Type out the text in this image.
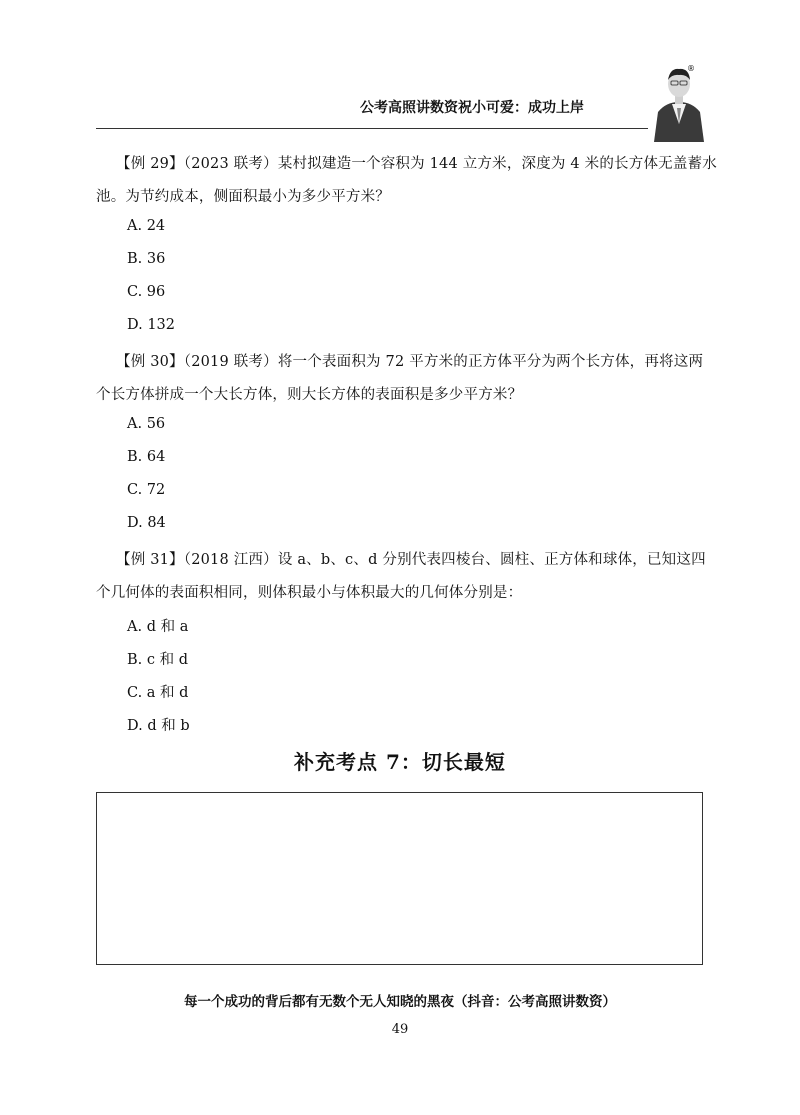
公考高照讲数资祝小可爱：成功上岸
®
【例 29】（2023 联考）某村拟建造一个容积为 144 立方米，深度为 4 米的长方体无盖蓄水
池。为节约成本，侧面积最小为多少平方米？
A. 24
B. 36
C. 96
D. 132
【例 30】（2019 联考）将一个表面积为 72 平方米的正方体平分为两个长方体，再将这两
个长方体拼成一个大长方体，则大长方体的表面积是多少平方米？
A. 56
B. 64
C. 72
D. 84
【例 31】（2018 江西）设 a、b、c、d 分别代表四棱台、圆柱、正方体和球体，已知这四
个几何体的表面积相同，则体积最小与体积最大的几何体分别是：
A. d 和 a
B. c 和 d
C. a 和 d
D. d 和 b
补充考点 7：切长最短
每一个成功的背后都有无数个无人知晓的黑夜（抖音：公考高照讲数资）
49
